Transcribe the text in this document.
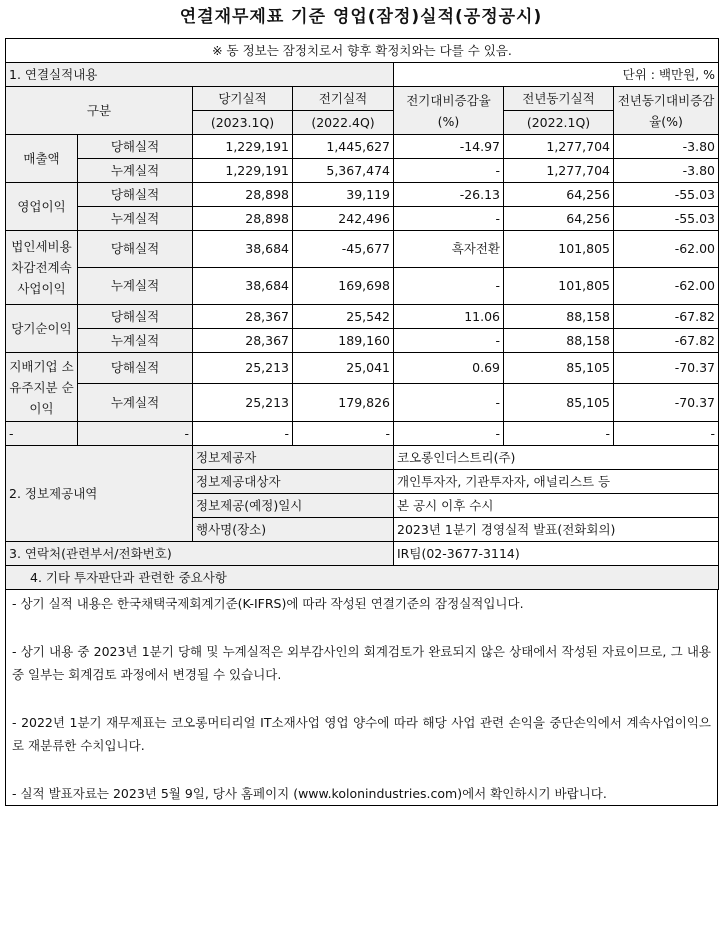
연결재무제표 기준 영업(잠정)실적(공정공시)
※ 동 정보는 잠정치로서 향후 확정치와는 다를 수 있음.						
1. 연결실적내용				단위 : 백만원, %		
구분		당기실적	전기실적	전기대비증감율(%)	전년동기실적	전년동기대비증감율(%)
		(2023.1Q)	(2022.4Q)		(2022.1Q)	
매출액	당해실적	1,229,191	1,445,627	-14.97	1,277,704	-3.80
	누계실적	1,229,191	5,367,474	-	1,277,704	-3.80
영업이익	당해실적	28,898	39,119	-26.13	64,256	-55.03
	누계실적	28,898	242,496	-	64,256	-55.03
법인세비용차감전계속사업이익	당해실적	38,684	-45,677	흑자전환	101,805	-62.00
	누계실적	38,684	169,698	-	101,805	-62.00
당기순이익	당해실적	28,367	25,542	11.06	88,158	-67.82
	누계실적	28,367	189,160	-	88,158	-67.82
지배기업 소유주지분 순이익	당해실적	25,213	25,041	0.69	85,105	-70.37
	누계실적	25,213	179,826	-	85,105	-70.37
-	-	-	-	-	-	-
2. 정보제공내역		정보제공자		코오롱인더스트리(주)		
		정보제공대상자		개인투자자, 기관투자자, 애널리스트 등		
		정보제공(예정)일시		본 공시 이후 수시		
		행사명(장소)		2023년 1분기 경영실적 발표(전화회의)		
3. 연락처(관련부서/전화번호)				IR팀(02-3677-3114)		
4. 기타 투자판단과 관련한 중요사항						

- 상기 실적 내용은 한국채택국제회계기준(K-IFRS)에 따라 작성된 연결기준의 잠정실적입니다.

- 상기 내용 중 2023년 1분기 당해 및 누계실적은 외부감사인의 회계검토가 완료되지 않은 상태에서 작성된 자료이므로, 그 내용 중 일부는 회계검토 과정에서 변경될 수 있습니다.

- 2022년 1분기 재무제표는 코오롱머티리얼 IT소재사업 영업 양수에 따라 해당 사업 관련 손익을 중단손익에서 계속사업이익으로 재분류한 수치입니다.

- 실적 발표자료는 2023년 5월 9일, 당사 홈페이지 (www.kolonindustries.com)에서 확인하시기 바랍니다.
